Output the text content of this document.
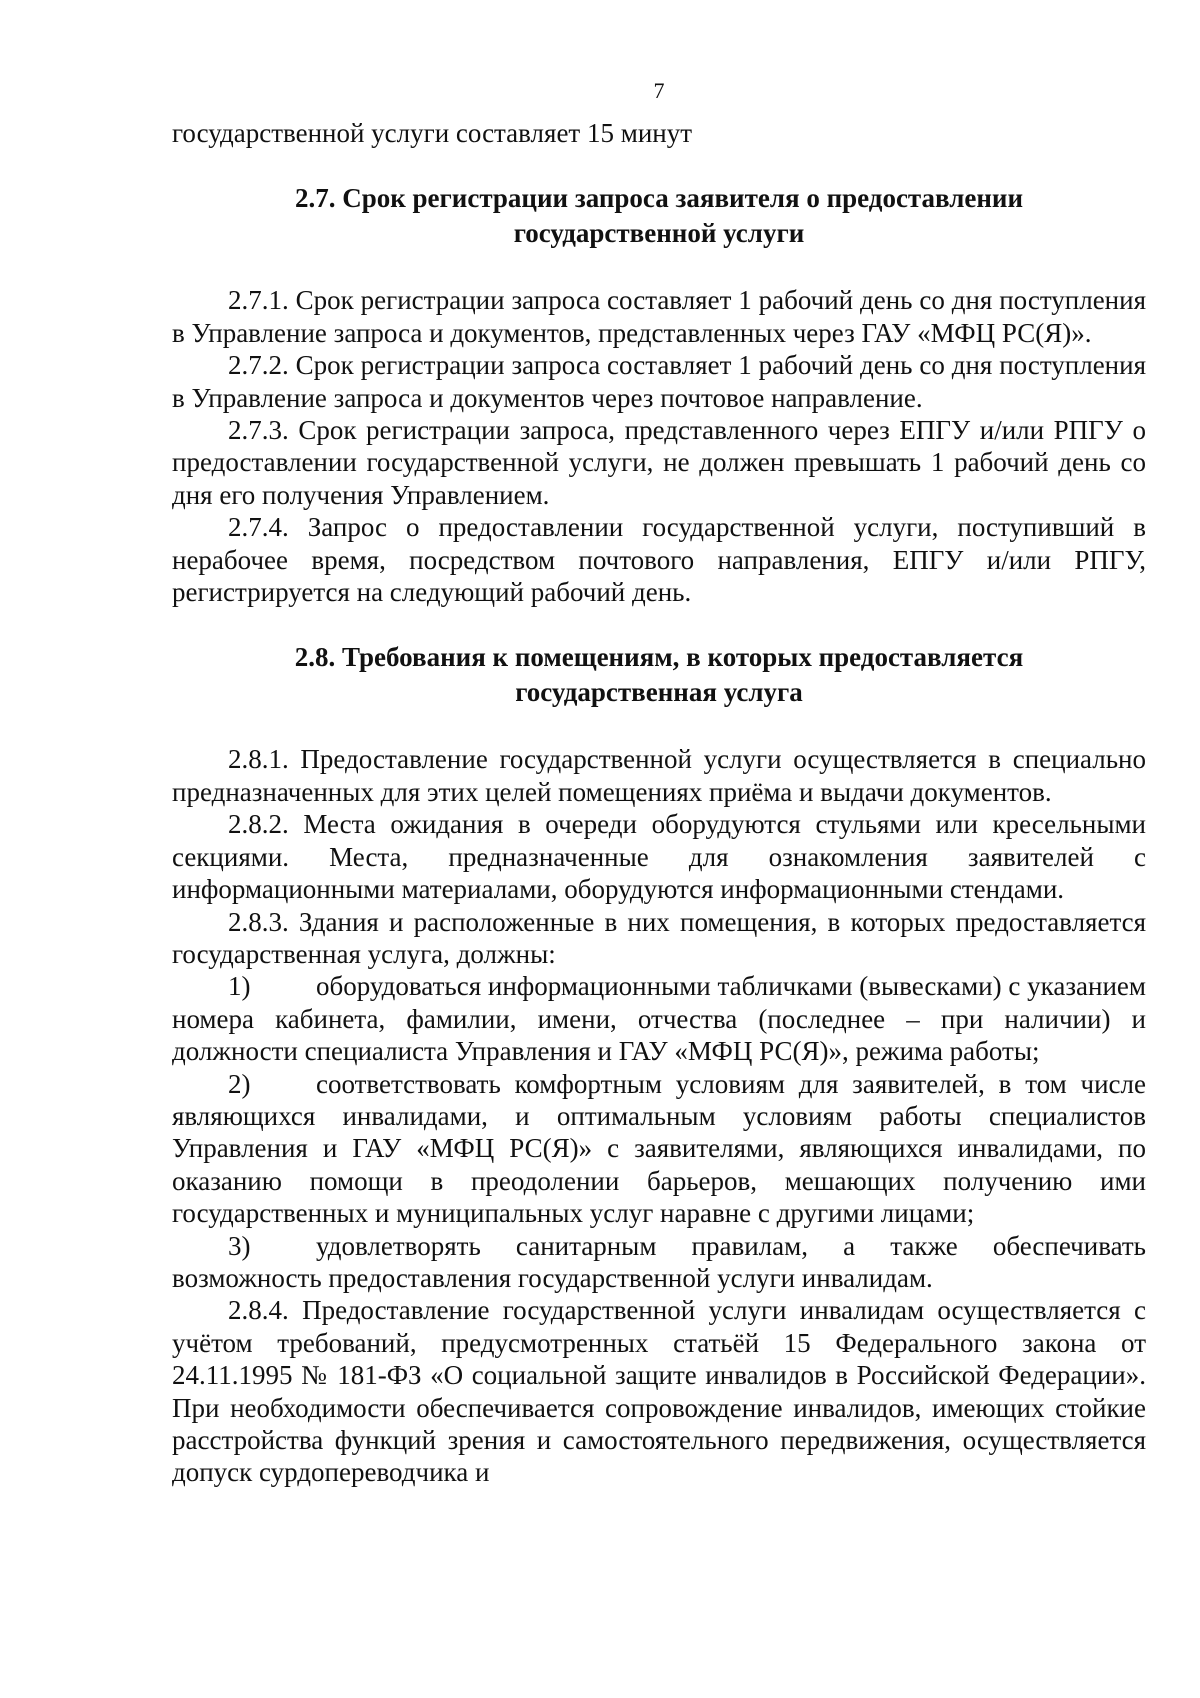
7

государственной услуги составляет 15 минут

2.7. Срок регистрации запроса заявителя о предоставлении
государственной услуги

2.7.1. Срок регистрации запроса составляет 1 рабочий день со дня поступления в Управление запроса и документов, представленных через ГАУ «МФЦ РС(Я)».

2.7.2. Срок регистрации запроса составляет 1 рабочий день со дня поступления в Управление запроса и документов через почтовое направление.

2.7.3. Срок регистрации запроса, представленного через ЕПГУ и/или РПГУ о предоставлении государственной услуги, не должен превышать 1 рабочий день со дня его получения Управлением.

2.7.4. Запрос о предоставлении государственной услуги, поступивший в нерабочее время, посредством почтового направления, ЕПГУ и/или РПГУ, регистрируется на следующий рабочий день.

2.8. Требования к помещениям, в которых предоставляется
государственная услуга

2.8.1. Предоставление государственной услуги осуществляется в специально предназначенных для этих целей помещениях приёма и выдачи документов.

2.8.2. Места ожидания в очереди оборудуются стульями или кресельными секциями. Места, предназначенные для ознакомления заявителей с информационными материалами, оборудуются информационными стендами.

2.8.3. Здания и расположенные в них помещения, в которых предоставляется государственная услуга, должны:

1) оборудоваться информационными табличками (вывесками) с указанием номера кабинета, фамилии, имени, отчества (последнее – при наличии) и должности специалиста Управления и ГАУ «МФЦ РС(Я)», режима работы;

2) соответствовать комфортным условиям для заявителей, в том числе являющихся инвалидами, и оптимальным условиям работы специалистов Управления и ГАУ «МФЦ РС(Я)» с заявителями, являющихся инвалидами, по оказанию помощи в преодолении барьеров, мешающих получению ими государственных и муниципальных услуг наравне с другими лицами;

3) удовлетворять санитарным правилам, а также обеспечивать возможность предоставления государственной услуги инвалидам.

2.8.4. Предоставление государственной услуги инвалидам осуществляется с учётом требований, предусмотренных статьёй 15 Федерального закона от 24.11.1995 № 181-ФЗ «О социальной защите инвалидов в Российской Федерации». При необходимости обеспечивается сопровождение инвалидов, имеющих стойкие расстройства функций зрения и самостоятельного передвижения, осуществляется допуск сурдопереводчика и
